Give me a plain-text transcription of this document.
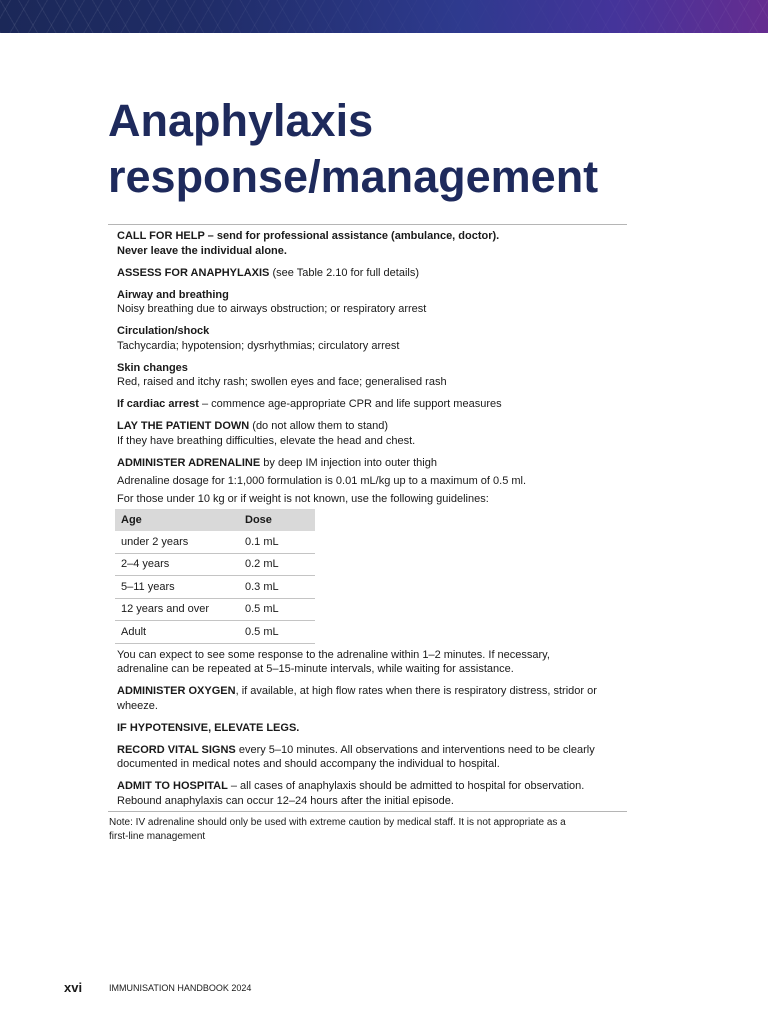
Anaphylaxis
response/management
CALL FOR HELP – send for professional assistance (ambulance, doctor).
Never leave the individual alone.
ASSESS FOR ANAPHYLAXIS (see Table 2.10 for full details)
Airway and breathing
Noisy breathing due to airways obstruction; or respiratory arrest
Circulation/shock
Tachycardia; hypotension; dysrhythmias; circulatory arrest
Skin changes
Red, raised and itchy rash; swollen eyes and face; generalised rash
If cardiac arrest – commence age-appropriate CPR and life support measures
LAY THE PATIENT DOWN (do not allow them to stand)
If they have breathing difficulties, elevate the head and chest.
ADMINISTER ADRENALINE by deep IM injection into outer thigh
Adrenaline dosage for 1:1,000 formulation is 0.01 mL/kg up to a maximum of 0.5 ml.
For those under 10 kg or if weight is not known, use the following guidelines:
Age	Dose
under 2 years	0.1 mL
2–4 years	0.2 mL
5–11 years	0.3 mL
12 years and over	0.5 mL
Adult	0.5 mL
You can expect to see some response to the adrenaline within 1–2 minutes. If necessary,
adrenaline can be repeated at 5–15-minute intervals, while waiting for assistance.
ADMINISTER OXYGEN, if available, at high flow rates when there is respiratory distress, stridor or
wheeze.
IF HYPOTENSIVE, ELEVATE LEGS.
RECORD VITAL SIGNS every 5–10 minutes. All observations and interventions need to be clearly
documented in medical notes and should accompany the individual to hospital.
ADMIT TO HOSPITAL – all cases of anaphylaxis should be admitted to hospital for observation.
Rebound anaphylaxis can occur 12–24 hours after the initial episode.
Note: IV adrenaline should only be used with extreme caution by medical staff. It is not appropriate as a
first-line management
xvi	IMMUNISATION HANDBOOK 2024
